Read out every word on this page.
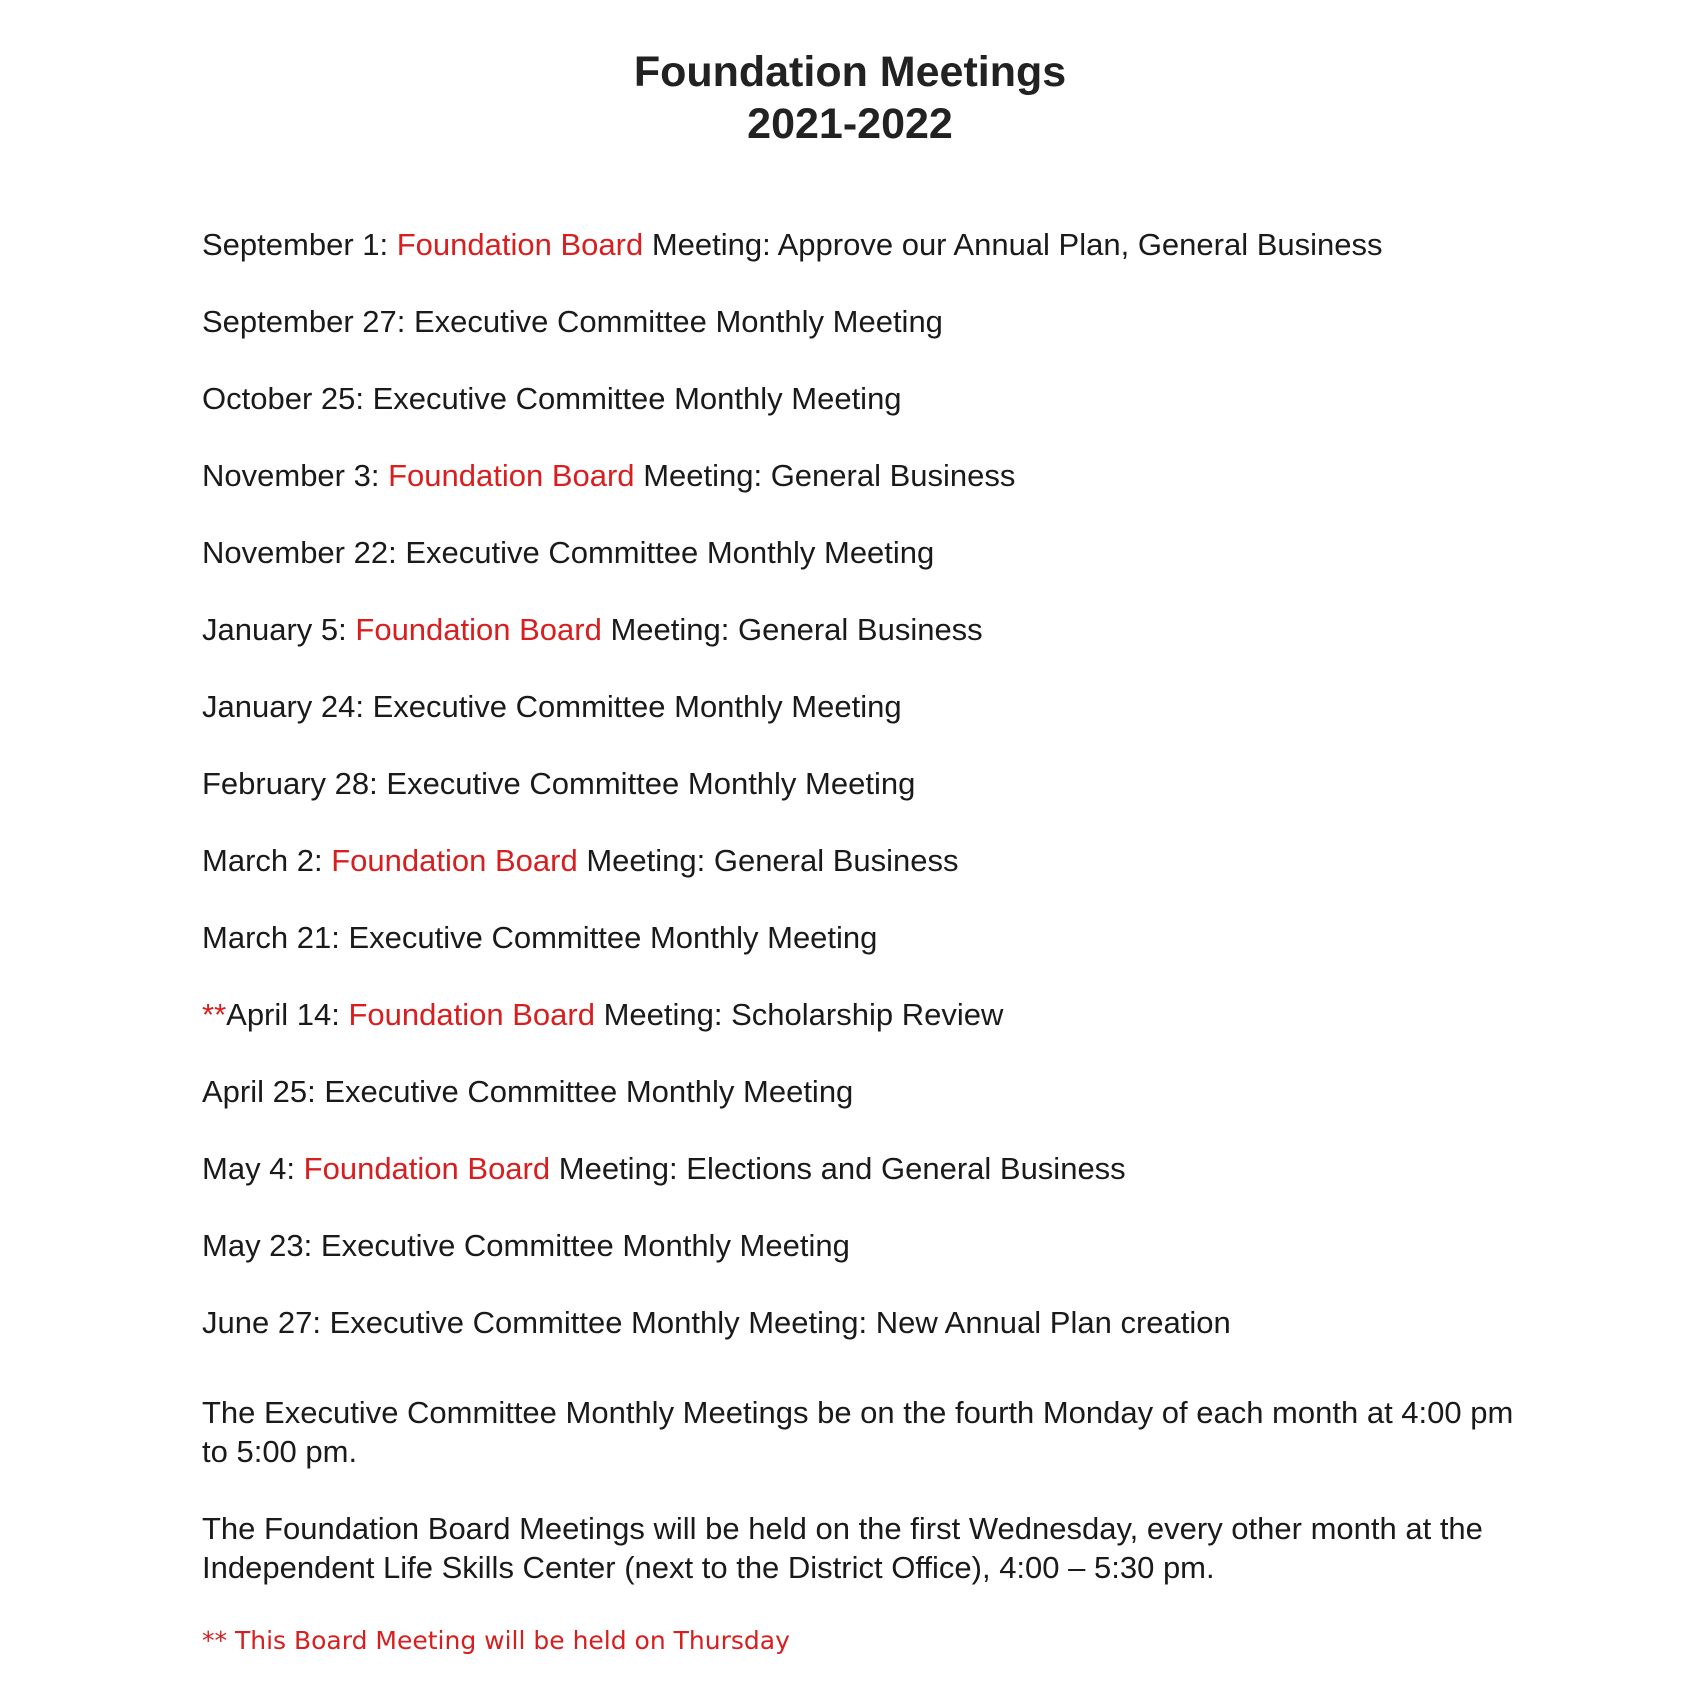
Foundation Meetings
2021-2022
September 1: Foundation Board Meeting: Approve our Annual Plan, General Business
September 27: Executive Committee Monthly Meeting
October 25: Executive Committee Monthly Meeting
November 3: Foundation Board Meeting: General Business
November 22: Executive Committee Monthly Meeting
January 5: Foundation Board Meeting: General Business
January 24: Executive Committee Monthly Meeting
February 28: Executive Committee Monthly Meeting
March 2: Foundation Board Meeting: General Business
March 21: Executive Committee Monthly Meeting
**April 14: Foundation Board Meeting: Scholarship Review
April 25: Executive Committee Monthly Meeting
May 4: Foundation Board Meeting: Elections and General Business
May 23: Executive Committee Monthly Meeting
June 27: Executive Committee Monthly Meeting: New Annual Plan creation
The Executive Committee Monthly Meetings be on the fourth Monday of each month at 4:00 pm to 5:00 pm.
The Foundation Board Meetings will be held on the first Wednesday, every other month at the Independent Life Skills Center (next to the District Office), 4:00 – 5:30 pm.
** This Board Meeting will be held on Thursday
